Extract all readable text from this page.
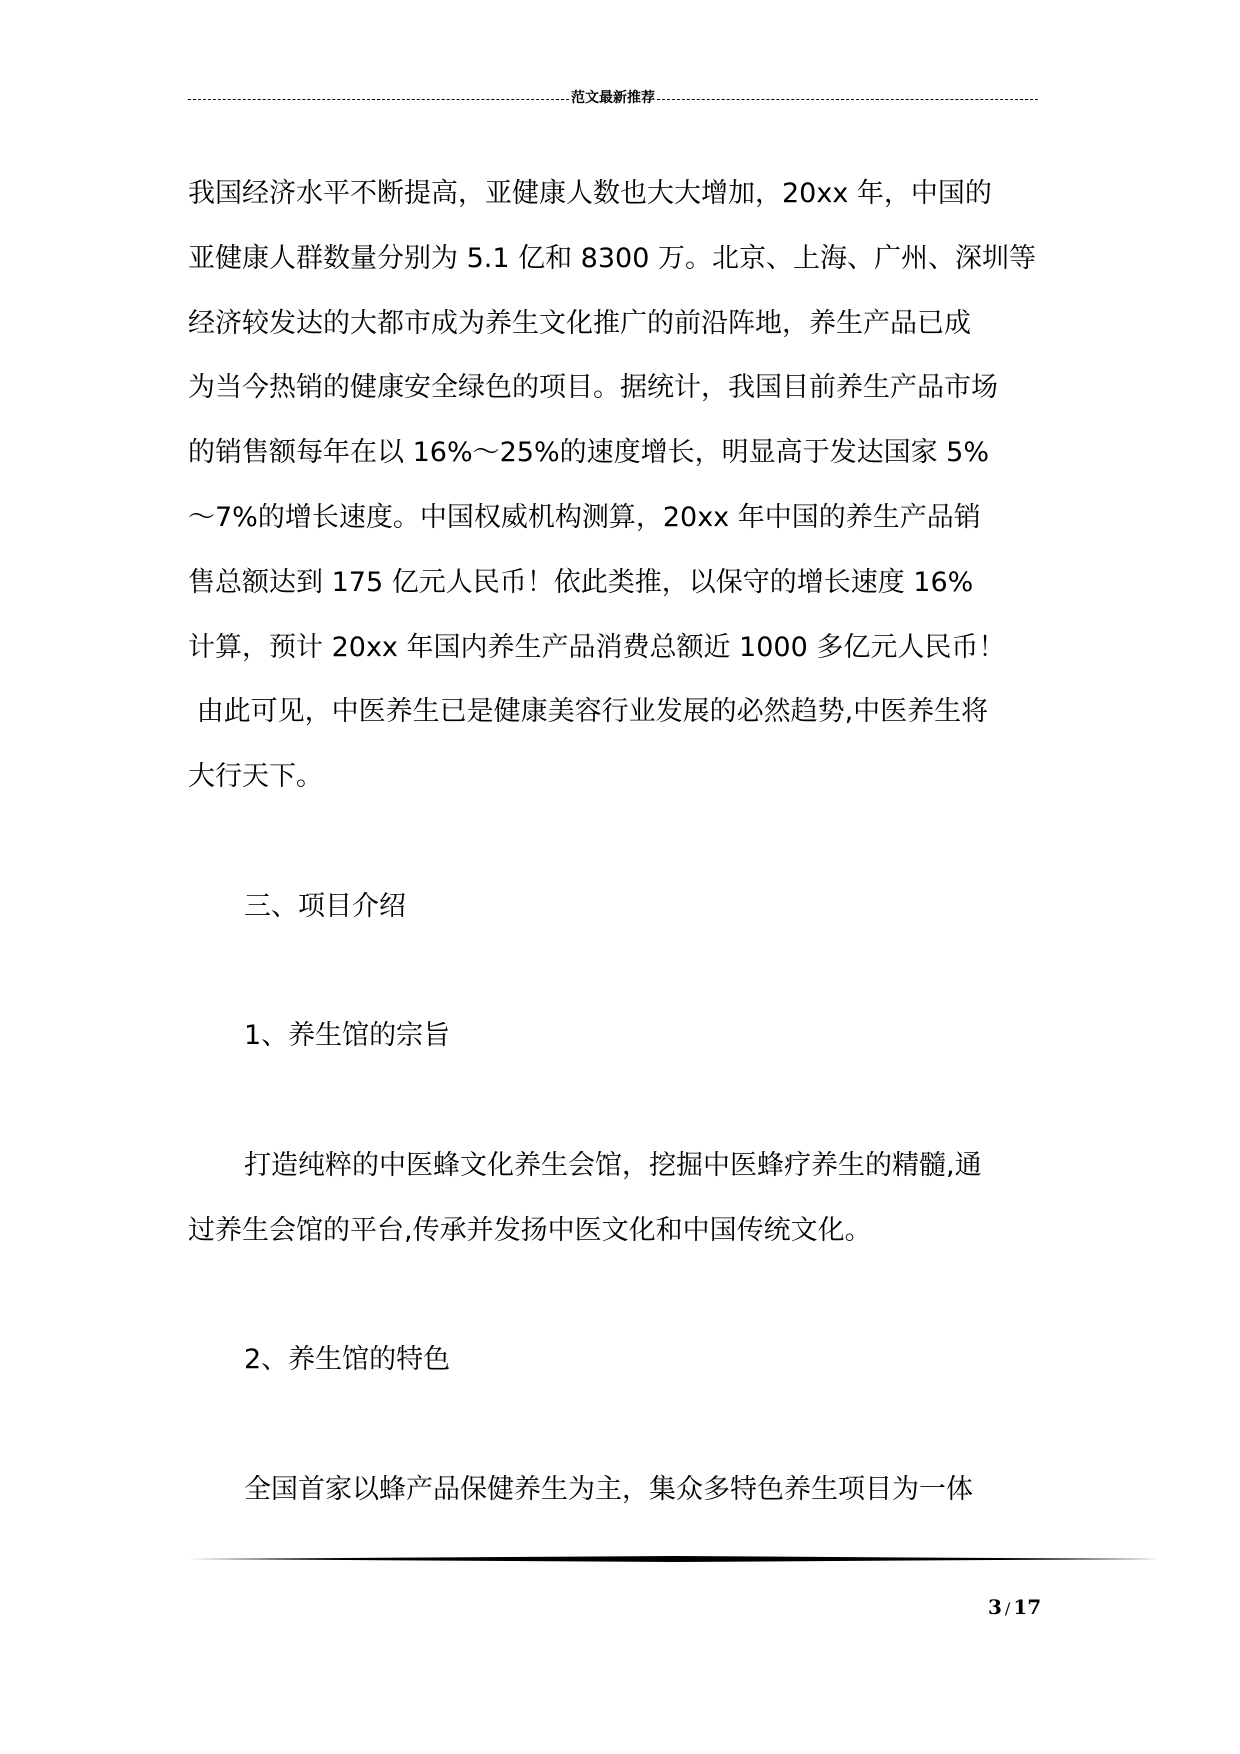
范文最新推荐
我国经济水平不断提高，亚健康人数也大大增加，20xx 年，中国的
亚健康人群数量分别为 5.1 亿和 8300 万。北京、上海、广州、深圳等
经济较发达的大都市成为养生文化推广的前沿阵地，养生产品已成
为当今热销的健康安全绿色的项目。据统计，我国目前养生产品市场
的销售额每年在以 16%～25%的速度增长，明显高于发达国家 5%
～7%的增长速度。中国权威机构测算，20xx 年中国的养生产品销
售总额达到 175 亿元人民币！依此类推，以保守的增长速度 16%
计算，预计 20xx 年国内养生产品消费总额近 1000 多亿元人民币！
由此可见，中医养生已是健康美容行业发展的必然趋势,中医养生将
大行天下。
三、项目介绍
1、养生馆的宗旨
打造纯粹的中医蜂文化养生会馆，挖掘中医蜂疗养生的精髓,通
过养生会馆的平台,传承并发扬中医文化和中国传统文化。
2、养生馆的特色
全国首家以蜂产品保健养生为主，集众多特色养生项目为一体
3 / 17
